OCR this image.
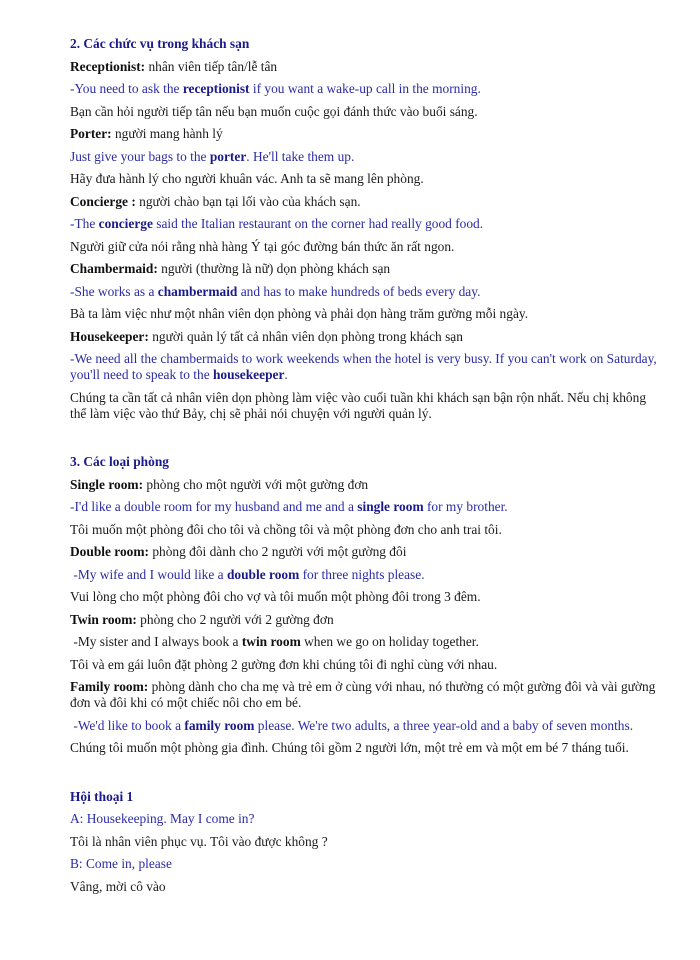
2. Các chức vụ trong khách sạn

Receptionist: nhân viên tiếp tân/lễ tân

-You need to ask the receptionist if you want a wake-up call in the morning.

Bạn cần hỏi người tiếp tân nếu bạn muốn cuộc gọi đánh thức vào buổi sáng.

Porter: người mang hành lý

Just give your bags to the porter. He'll take them up.

Hãy đưa hành lý cho người khuân vác. Anh ta sẽ mang lên phòng.

Concierge : người chào bạn tại lối vào của khách sạn.

-The concierge said the Italian restaurant on the corner had really good food.

Người giữ cửa nói rằng nhà hàng Ý tại góc đường bán thức ăn rất ngon.

Chambermaid: người (thường là nữ) dọn phòng khách sạn

-She works as a chambermaid and has to make hundreds of beds every day.

Bà ta làm việc như một nhân viên dọn phòng và phải dọn hàng trăm gường mỗi ngày.

Housekeeper: người quản lý tất cả nhân viên dọn phòng trong khách sạn

-We need all the chambermaids to work weekends when the hotel is very busy. If you can't work on Saturday, you'll need to speak to the housekeeper.

Chúng ta cần tất cả nhân viên dọn phòng làm việc vào cuối tuần khi khách sạn bận rộn nhất. Nếu chị không thể làm việc vào thứ Bảy, chị sẽ phải nói chuyện với người quản lý.

3. Các loại phòng

Single room: phòng cho một người với một gường đơn

-I'd like a double room for my husband and me and a single room for my brother.

Tôi muốn một phòng đôi cho tôi và chồng tôi và một phòng đơn cho anh trai tôi.

Double room: phòng đôi dành cho 2 người với một gường đôi

-My wife and I would like a double room for three nights please.

Vui lòng cho một phòng đôi cho vợ và tôi muốn một phòng đôi trong 3 đêm.

Twin room: phòng cho 2 người với 2 gường đơn

-My sister and I always book a twin room when we go on holiday together.

Tôi và em gái luôn đặt phòng 2 gường đơn khi chúng tôi đi nghỉ cùng với nhau.

Family room: phòng dành cho cha mẹ và trẻ em ở cùng với nhau, nó thường có một gường đôi và vài gường đơn và đôi khi có một chiếc nôi cho em bé.

-We'd like to book a family room please. We're two adults, a three year-old and a baby of seven months.

Chúng tôi muốn một phòng gia đình. Chúng tôi gồm 2 người lớn, một trẻ em và một em bé 7 tháng tuổi.

Hội thoại 1

A: Housekeeping. May I come in?

Tôi là nhân viên phục vụ. Tôi vào được không ?

B: Come in, please

Vâng, mời cô vào
